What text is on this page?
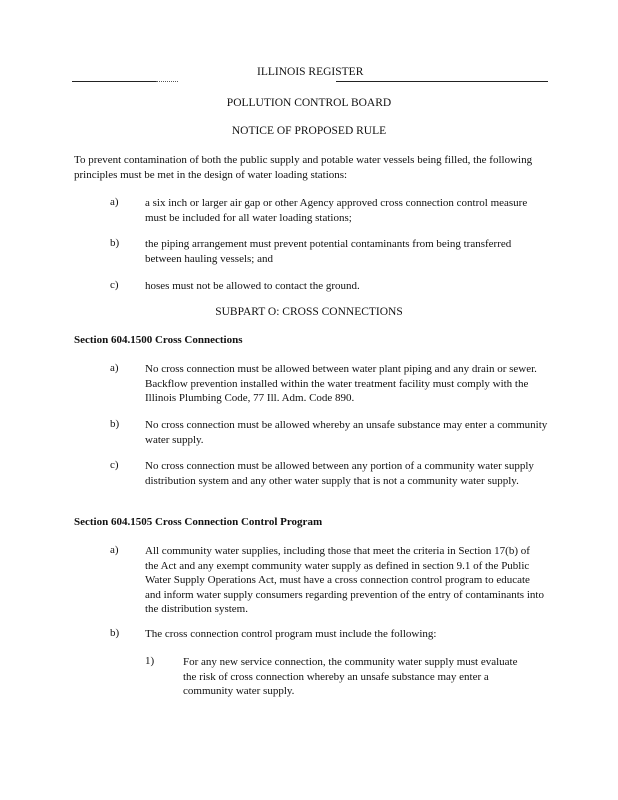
ILLINOIS REGISTER
POLLUTION CONTROL BOARD
NOTICE OF PROPOSED RULE
To prevent contamination of both the public supply and potable water vessels being filled, the following principles must be met in the design of water loading stations:
a) a six inch or larger air gap or other Agency approved cross connection control measure must be included for all water loading stations;
b) the piping arrangement must prevent potential contaminants from being transferred between hauling vessels; and
c) hoses must not be allowed to contact the ground.
SUBPART O: CROSS CONNECTIONS
Section 604.1500 Cross Connections
a) No cross connection must be allowed between water plant piping and any drain or sewer. Backflow prevention installed within the water treatment facility must comply with the Illinois Plumbing Code, 77 Ill. Adm. Code 890.
b) No cross connection must be allowed whereby an unsafe substance may enter a community water supply.
c) No cross connection must be allowed between any portion of a community water supply distribution system and any other water supply that is not a community water supply.
Section 604.1505 Cross Connection Control Program
a) All community water supplies, including those that meet the criteria in Section 17(b) of the Act and any exempt community water supply as defined in section 9.1 of the Public Water Supply Operations Act, must have a cross connection control program to educate and inform water supply consumers regarding prevention of the entry of contaminants into the distribution system.
b) The cross connection control program must include the following:
1)	For any new service connection, the community water supply must evaluate the risk of cross connection whereby an unsafe substance may enter a community water supply.
